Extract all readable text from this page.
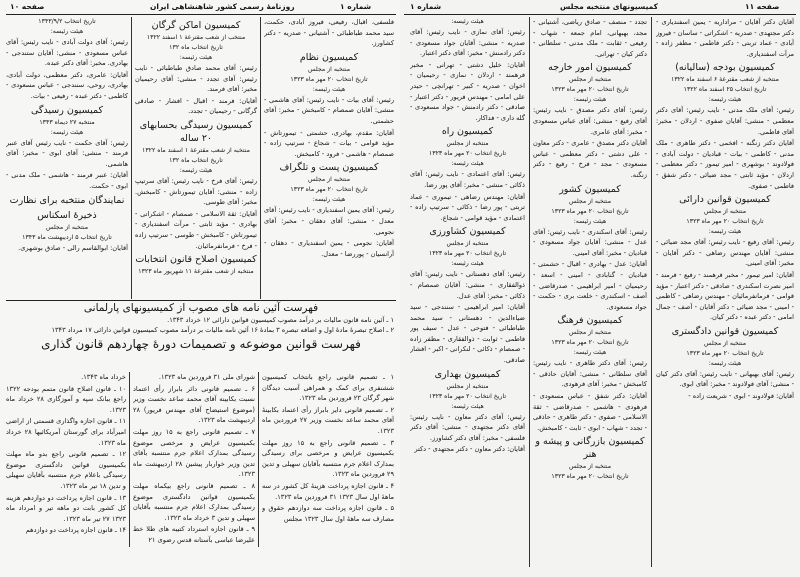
صفحه ۱۰	روزنامهٔ رسمی کشور شاهنشاهی ایران	شماره ۱
تاریخ انتخاب ۱۳۴۳/۹/۲
هیئت رئیسه:

رئیس: آقای دولت آبادی - نایب رئیس: آقای عباس مسعودی - منشی: آقایان ستندجی - بهادری. مخبر: آقای دکتر عبده.

آقایان: عامری، دکتر معظمی، دولت آبادی، بهادری، روحی، سنندجی - عباس مسعودی - کاظمی - دکتر عبده - رفیعی - بیات.

کمیسیون رسیدگی
منتخبه ۲۷ دیماه ۱۳۴۳
هیئت رئیسه:

رئیس: آقای حکمت - نایب رئیس آقای عنبر فرمند - منشی: آقای ابوی - مخبر: آقای هاشمی.

آقایان: عنبر فرمند - هاشمی - ملک مدنی - ابوی - حکمت.

نمایندگان منتخبه برای نظارت
ذخیرهٔ اسکناس
منتخبه از مجلس
تاریخ انتخاب ۵ اردیبهشت ماه ۱۳۴۳

آقایان: ابوالقاسم رالی - صادق بوشهری.

کمیسیون اماکن گرگان
منتخب از شعب مقترعهٔ ۱ اسفند ۱۳۲۲
تاریخ انتخاب ماه ۱۳۲
هیئت رئیسه:

رئیس: آقای محمد صادق طباطبائی - نایب رئیس: آقای تجدد - منشی: آقای رحیمیان مخبر: آقای فرمند.

آقایان: فرمند - اقبال - افشار - صادقی گرگانی - رحیمیان - تجدد.

کمیسیون رسیدگی بحسابهای ۲۰ ساله
منتخبه از شعب مقترعهٔ ۱ اسفند ماه ۱۳۲۲
تاریخ انتخاب ماه ۱۳۲
هیئت رئیسه:

رئیس: آقای فرخ - نایب رئیس: آقای سرتیپ زاده - منشی: آقایان تیمورتاش - کامبخش. مخبر: آقای طوسی.

آقایان: ثقة الاسلامی - صمصام - اشکراتی - بهادری - مؤید ثابتی - مرآت اسفندیاری - تیمورتاش - کامبخش - طوسی - سرتیپ زاده - فرخ - فرمانفرمائیان.

کمیسیون اصلاح قانون انتخابات
منتخبه از شعب مقترعهٔ ۱۱ شهریور ماه ۱۳۲۳

فلسفی، اقبال، رفیعی، فیروز آبادی، حکمت، سید محمد طباطبائی - آشتیانی - صدریه - دکتر کشاورز.

کمیسیون نظام
منتخبه از مجلس
تاریخ انتخاب ۲۰ مهر ماه ۱۳۲۳
هیئت رئیسه:

رئیس: آقای بیات - نایب رئیس: آقای هاشمی - منشی: آقایان صمصام - کامبخش - مخبر: آقای حشمتی.

آقایان: مقدم، بهادری، حشمتی - تیمورتاش - مؤید قوامی - بیات - شجاع - سرتیپ زاده - صمصام - هاشمی - فرود - کامبخش.

کمیسیون پست و تلگراف
منتخبه از مجلس
تاریخ انتخاب ۲۰ مهر ماه ۱۳۲۳
هیئت رئیسه:

رئیس: آقای یمین اسفندیاری - نایب رئیس: آقای معدل - منشی: آقای دهقان - مخبر: آقای نجومی.

آقایان: نجومی - یمین اسفندیاری - دهقان - آرانسیان - پوررضا - معدل.

فهرست آئین نامه های مصوب از کمیسیونهای پارلمانی

۱ ـ آئین نامه قانون مالیات بر درآمد مصوب کمیسیون قوانین دارائی ۱۲ خرداد ۱۳۴۳.

۲ ـ اصلاح تبصرهٔ مادهٔ اول و اضافه تبصره ۳ بمادهٔ ۱۶ آئین نامه مالیات بر درآمد مصوب کمیسیون قوانین دارائی ۱۷ مرداد ۱۳۴۳

فهرست قوانین موضوعه و تصمیمات دورهٔ چهاردهم قانون گذاری

خرداد ماه ۱۳۴۳.

۱۰ ـ قانون اصلاح قانون متمم بودجه ۱۳۲۲ راجع ببانک سپه و آموزگاری ۲۸ خرداد ماه ۱۳۲۳.

۱۱ ـ قانون اجازه واگذاری قسمتی از اراضی امیرآباد برای گورستان آمریکائیها ۲۸ خرداد ماه ۱۳۲۳.

۱۲ ـ تصمیم قانونی راجع بدو ماه مهلت بکمیسیون قوانین دادگستری موضوع رسیدگی باعلام جرم منتسبه بآقایان سهیلی و تدین ۱۸ تیر ماه ۱۳۲۳.

۱۳ ـ قانون اجازه پرداخت دو دوازدهم هزینه کل کشور بابت دو ماهه تیر و امرداد ماه ۱۳۲۳ ۲۷ تیر ماه ۱۳۲۳.

۱۴ ـ قانون اجازه پرداخت دو دوازدهم

شورای ملی ۳۱ فروردین ماه ۱۳۲۳.

۶ ـ تصمیم قانونی دائر بابراز رأی اعتماد نسبت بکابینه آقای محمد ساعد نخست وزیر (موضوع استیضاح آقای مهندس فریور) ۲۸ اردیبهشت ماه ۱۳۲۳.

۷ ـ تصمیم قانونی راجع به ۱۵ روز مهلت بکمیسیون عرایض و مرخصی موضوع رسیدگی بمدارک اعلام جرم منتسبه بآقای تدین وزیر خواربار پیشین ۲۸ اردیبهشت ماه ۱۳۲۳.

۸ ـ تصمیم قانونی راجع بیکماه مهلت بکمیسیون قوانین دادگستری موضوع رسیدگی بمدارک اعلام جرم منتسبه بآقایان سهیلی و تدین ۳ خرداد ماه ۱۳۲۳.

۹ ـ قانون اجازه استرداد کتیبه های طلا خط علیرضا عباسی بآستانه قدس رضوی ۲۱

۱ ـ تصمیم قانونی راجع بانتخاب کمیسیون ششنفری برای کمک و همراهی آسیب دیدگان شهر گرگان ۲۳ فروردین ماه ۱۳۲۳.

۲ ـ تصمیم قانونی دایر بابراز رأی اعتماد بکابینهٔ آقای محمد ساعد نخست وزیر ۲۷ فروردین ماه ۱۳۲۳.

۳ ـ تصمیم قانونی راجع به ۱۵ روز مهلت بکمیسیون عرایض و مرخصی برای رسیدگی بمدارک اعلام جرم منتسبه بآقایان سهیلی و تدین ۲۹ فروردین ماه ۱۳۲۳.

۴ ـ قانون اجازه پرداخت هزینهٔ کل کشور در سه ماههٔ اول سال ۱۳۲۳ ۳۱ فروردین ماه ۱۳۲۳.

۵ ـ قانون اجازه پرداخت سه دوازدهم حقوق و مصارف سه ماههٔ اول سال ۱۳۲۳ مجلس

شماره ۱	کمیسیونهای منتخبه مجلس	صفحه ۱۱
هیئت رئیسه:

رئیس: آقای نمازی - نایب رئیس: آقای صدریه - منشی: آقایان جواد مسعودی - دکتر رادمنش - مخبر: آقای دکتر اعتبار.

آقایان: خلیل دشتی - تهرانی - مخبر فرهمند - اردلان - نمازی - رحیمیان - اخوان - صدریه - کبیر - تهرانچی - حیدر علی امامی - مهندس فریور - دکتر اعتبار - صادقی - دکتر رادمنش - جواد مسعودی - گله داری - فداکار.

کمیسیون راه
منتخبه از مجلس
تاریخ انتخاب ۲۰ مهر ماه ۱۳۲۳
هیئت رئیسه:

رئیس: آقای اعتمادی - نایب رئیس: آقای ذکائی - منشی - مخبر: آقای پور رضا.

آقایان: مهندس رضاهی - تیموری - عماد تربتی - پور رضا - ذکائی - سرتیپ زاده - اعتمادی - مؤید قوامی - شجاع.

کمیسیون کشاورزی
منتخبه از مجلس
تاریخ انتخاب ۲۰ مهر ماه ۱۳۲۳
هیئت رئیسه:

رئیس: آقای دهستانی - نایب رئیس: آقای ذوالفقاری - منشی: آقایان صمصام - ذکائی - مخبر: آقای عدل.

آقایان: امیر ابراهیمی - سنندجی - سید ضیاءالدین - دهستانی - سید محمد طباطبائی - فتوحی - عدل - سیف پور فاطمی - ثوابت - ذوالفقاری - مظفر زاده - صمصام - ذکائی - لنکرانی - اکبر - افشار صادقی.

کمیسیون بهداری
منتخبه از مجلس
تاریخ انتخاب ۲۰ مهر ماه ۱۳۲۳
هیئت رئیسه:

رئیس: آقای دکتر معاون - نایب رئیس: آقای دکتر مجتهدی - منشی: آقای دکتر فلسفی - مخبر: آقای دکتر کشاورز.

آقایان: دکتر معاون - دکتر مجتهدی - دکتر

تجدد - منصف - صادق ریاضی، آشتیانی - مجد، بهبهانی، امام جمعه - شهاب - رفیعی - ثقابت - ملک مدنی - سلطانی - دکتر کیان - تهرانی.

کمیسیون امور خارجه
منتخبه از مجلس
تاریخ انتخاب ۲۰ مهر ماه ۱۳۲۳
هیئت رئیسه:

رئیس: آقای دکتر مصدق - نایب رئیس: آقای رفیع - منشی: آقای عباس مسعودی - مخبر: آقای عامری.

آقایان دکتر مصدق - عامری - دکتر معاون - علی دشتی - دکتر معظمی - عباس مسعودی - مجد - فرخ - رفیع - دکتر زنگنه.

کمیسیون کشور
منتخبه از مجلس
تاریخ انتخاب ۲۰ مهر ماه ۱۳۲۳
هیئت رئیسه:

رئیس: آقای اسکندری - نایب رئیس: آقای عدل - منشی: آقایان جواد مسعودی - قبادیان - مخبر: آقای امینی.

آقایان: عدل - بهادری - اقبال - حشمتی - قبادیان - گنابادی - امینی - اسعد - رحیمیان - امیر ابراهیمی - صدرقاضی - آصف - اسکندری - خلعت بری - حکمت - جواد مسعودی.

کمیسیون فرهنگ
منتخبه از مجلس
تاریخ انتخاب ۲۰ مهر ماه ۱۳۲۳
هیئت رئیسه:

رئیس: آقای دکتر طاهری - نایب رئیس: آقای سلطانی - منشی: آقایان حاذقی - کامبخش - مخبر: آقای فرهودی.

آقایان: دکتر شفق - عباس مسعودی - فرهودی - هاشمی - صدرقاضی - ثقة الاسلامی - صفوی - دکتر طاهری - حاذقی - تجدد - شهاب - ابوی - ثابت - کامبخش.

کمیسیون بازرگانی و پیشه و هنر
منتخبه از مجلس
تاریخ انتخاب ۲۰ مهر ماه ۱۳۲۳

آقایان دکتر آقایان - مراداریه - یمین اسفندیاری - دکتر مجتهدی - صدریه - اشکراتی - ساسان - فیروز آبادی - عماد تربتی - دکتر فاطمی - مظفر زاده - مرآت اسفندیاری.

کمیسیون بودجه (سالیانه)
منتخبه از شعب مقترعهٔ ۶ اسفند ماه ۱۳۲۲
تاریخ انتخاب ۲۵ اسفند ماه ۱۳۲۲
هیئت رئیسه:

رئیس: آقای ملک مدنی - نایب رئیس: آقای دکتر معظمی - منشی: آقایان صفوی - اردلان - مخبر: آقای فاطمی.

آقایان دکتر زنگنه - افخمی - دکتر طاهری - ملک مدنی - کاظمی - بیات - قبادیان - دولت آبادی - فولادوند - بوشهری - امیر تیمور - دکتر معظمی - اردلان - مؤید ثابتی - مجد ضیائی - دکتر شفق - فاطمی - صفوی.

کمیسیون قوانین دارائی
منتخبه از مجلس
تاریخ انتخاب ۲۰ مهر ماه ۱۳۲۳
هیئت رئیسه:

رئیس: آقای رفیع - نایب رئیس: آقای مجد ضیائی - منشی: آقایان مهندس رضاهی - دکتر آقایان - مخبر: آقای امینی.

آقایان: امیر تیمور - مخبر فرهمند - رفیع - فرمند - امیر نصرت اسکندری - صادقی - دکتر اعتبار - مؤید قوامی - فرمانفرمائیان - مهندس رضاهی - کاظمی - امینی - مجد ضیائی - دکتر آقایان - آصف - جمال امامی - دکتر عبده - دکتر کیان.

کمیسیون قوانین دادگستری
منتخبه از مجلس
تاریخ انتخاب ۲۰ مهر ماه ۱۳۲۳
هیئت رئیسه:

رئیس: آقای بهبهانی - نایب رئیس: آقای دکتر کیان - منشی: آقای فولادوند - مخبر: آقای ابوی.

آقایان: فولادوند - ابوی - شریعت زاده -
